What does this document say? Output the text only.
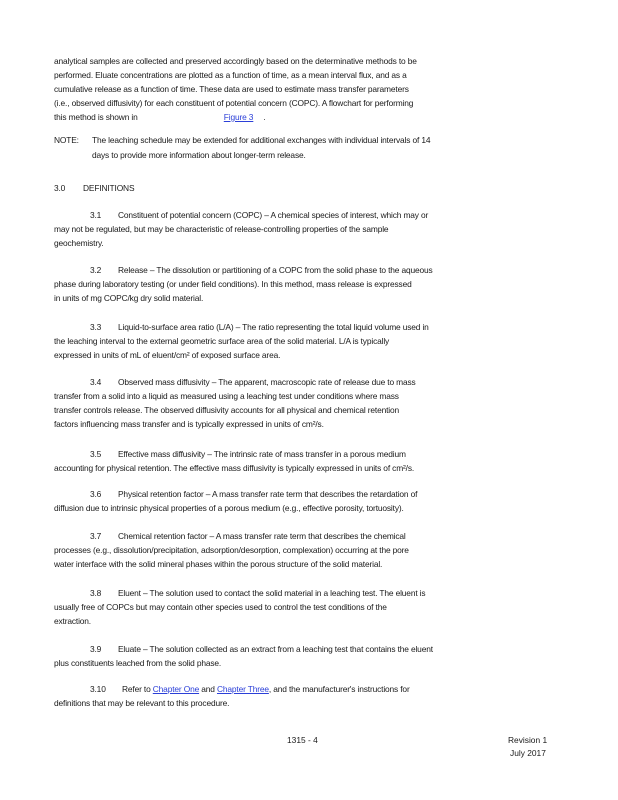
analytical samples are collected and preserved accordingly based on the determinative methods to be
performed. Eluate concentrations are plotted as a function of time, as a mean interval flux, and as a
cumulative release as a function of time. These data are used to estimate mass transfer parameters
(i.e., observed diffusivity) for each constituent of potential concern (COPC). A flowchart for performing
this method is shown in	Figure 3 .
NOTE: The leaching schedule may be extended for additional exchanges with individual intervals of 14
days to provide more information about longer-term release.
3.0 DEFINITIONS
3.1 Constituent of potential concern (COPC) – A chemical species of interest, which may or
may not be regulated, but may be characteristic of release-controlling properties of the sample
geochemistry.
3.2 Release – The dissolution or partitioning of a COPC from the solid phase to the aqueous
phase during laboratory testing (or under field conditions). In this method, mass release is expressed
in units of mg COPC/kg dry solid material.
3.3 Liquid-to-surface area ratio (L/A) – The ratio representing the total liquid volume used in
the leaching interval to the external geometric surface area of the solid material. L/A is typically
expressed in units of mL of eluent/cm² of exposed surface area.
3.4 Observed mass diffusivity – The apparent, macroscopic rate of release due to mass
transfer from a solid into a liquid as measured using a leaching test under conditions where mass
transfer controls release. The observed diffusivity accounts for all physical and chemical retention
factors influencing mass transfer and is typically expressed in units of cm²/s.
3.5 Effective mass diffusivity – The intrinsic rate of mass transfer in a porous medium
accounting for physical retention. The effective mass diffusivity is typically expressed in units of cm²/s.
3.6 Physical retention factor – A mass transfer rate term that describes the retardation of
diffusion due to intrinsic physical properties of a porous medium (e.g., effective porosity, tortuosity).
3.7 Chemical retention factor – A mass transfer rate term that describes the chemical
processes (e.g., dissolution/precipitation, adsorption/desorption, complexation) occurring at the pore
water interface with the solid mineral phases within the porous structure of the solid material.
3.8 Eluent – The solution used to contact the solid material in a leaching test. The eluent is
usually free of COPCs but may contain other species used to control the test conditions of the
extraction.
3.9 Eluate – The solution collected as an extract from a leaching test that contains the eluent
plus constituents leached from the solid phase.
3.10 Refer to Chapter One and Chapter Three, and the manufacturer's instructions for
definitions that may be relevant to this procedure.
1315 - 4	Revision 1
July 2017
